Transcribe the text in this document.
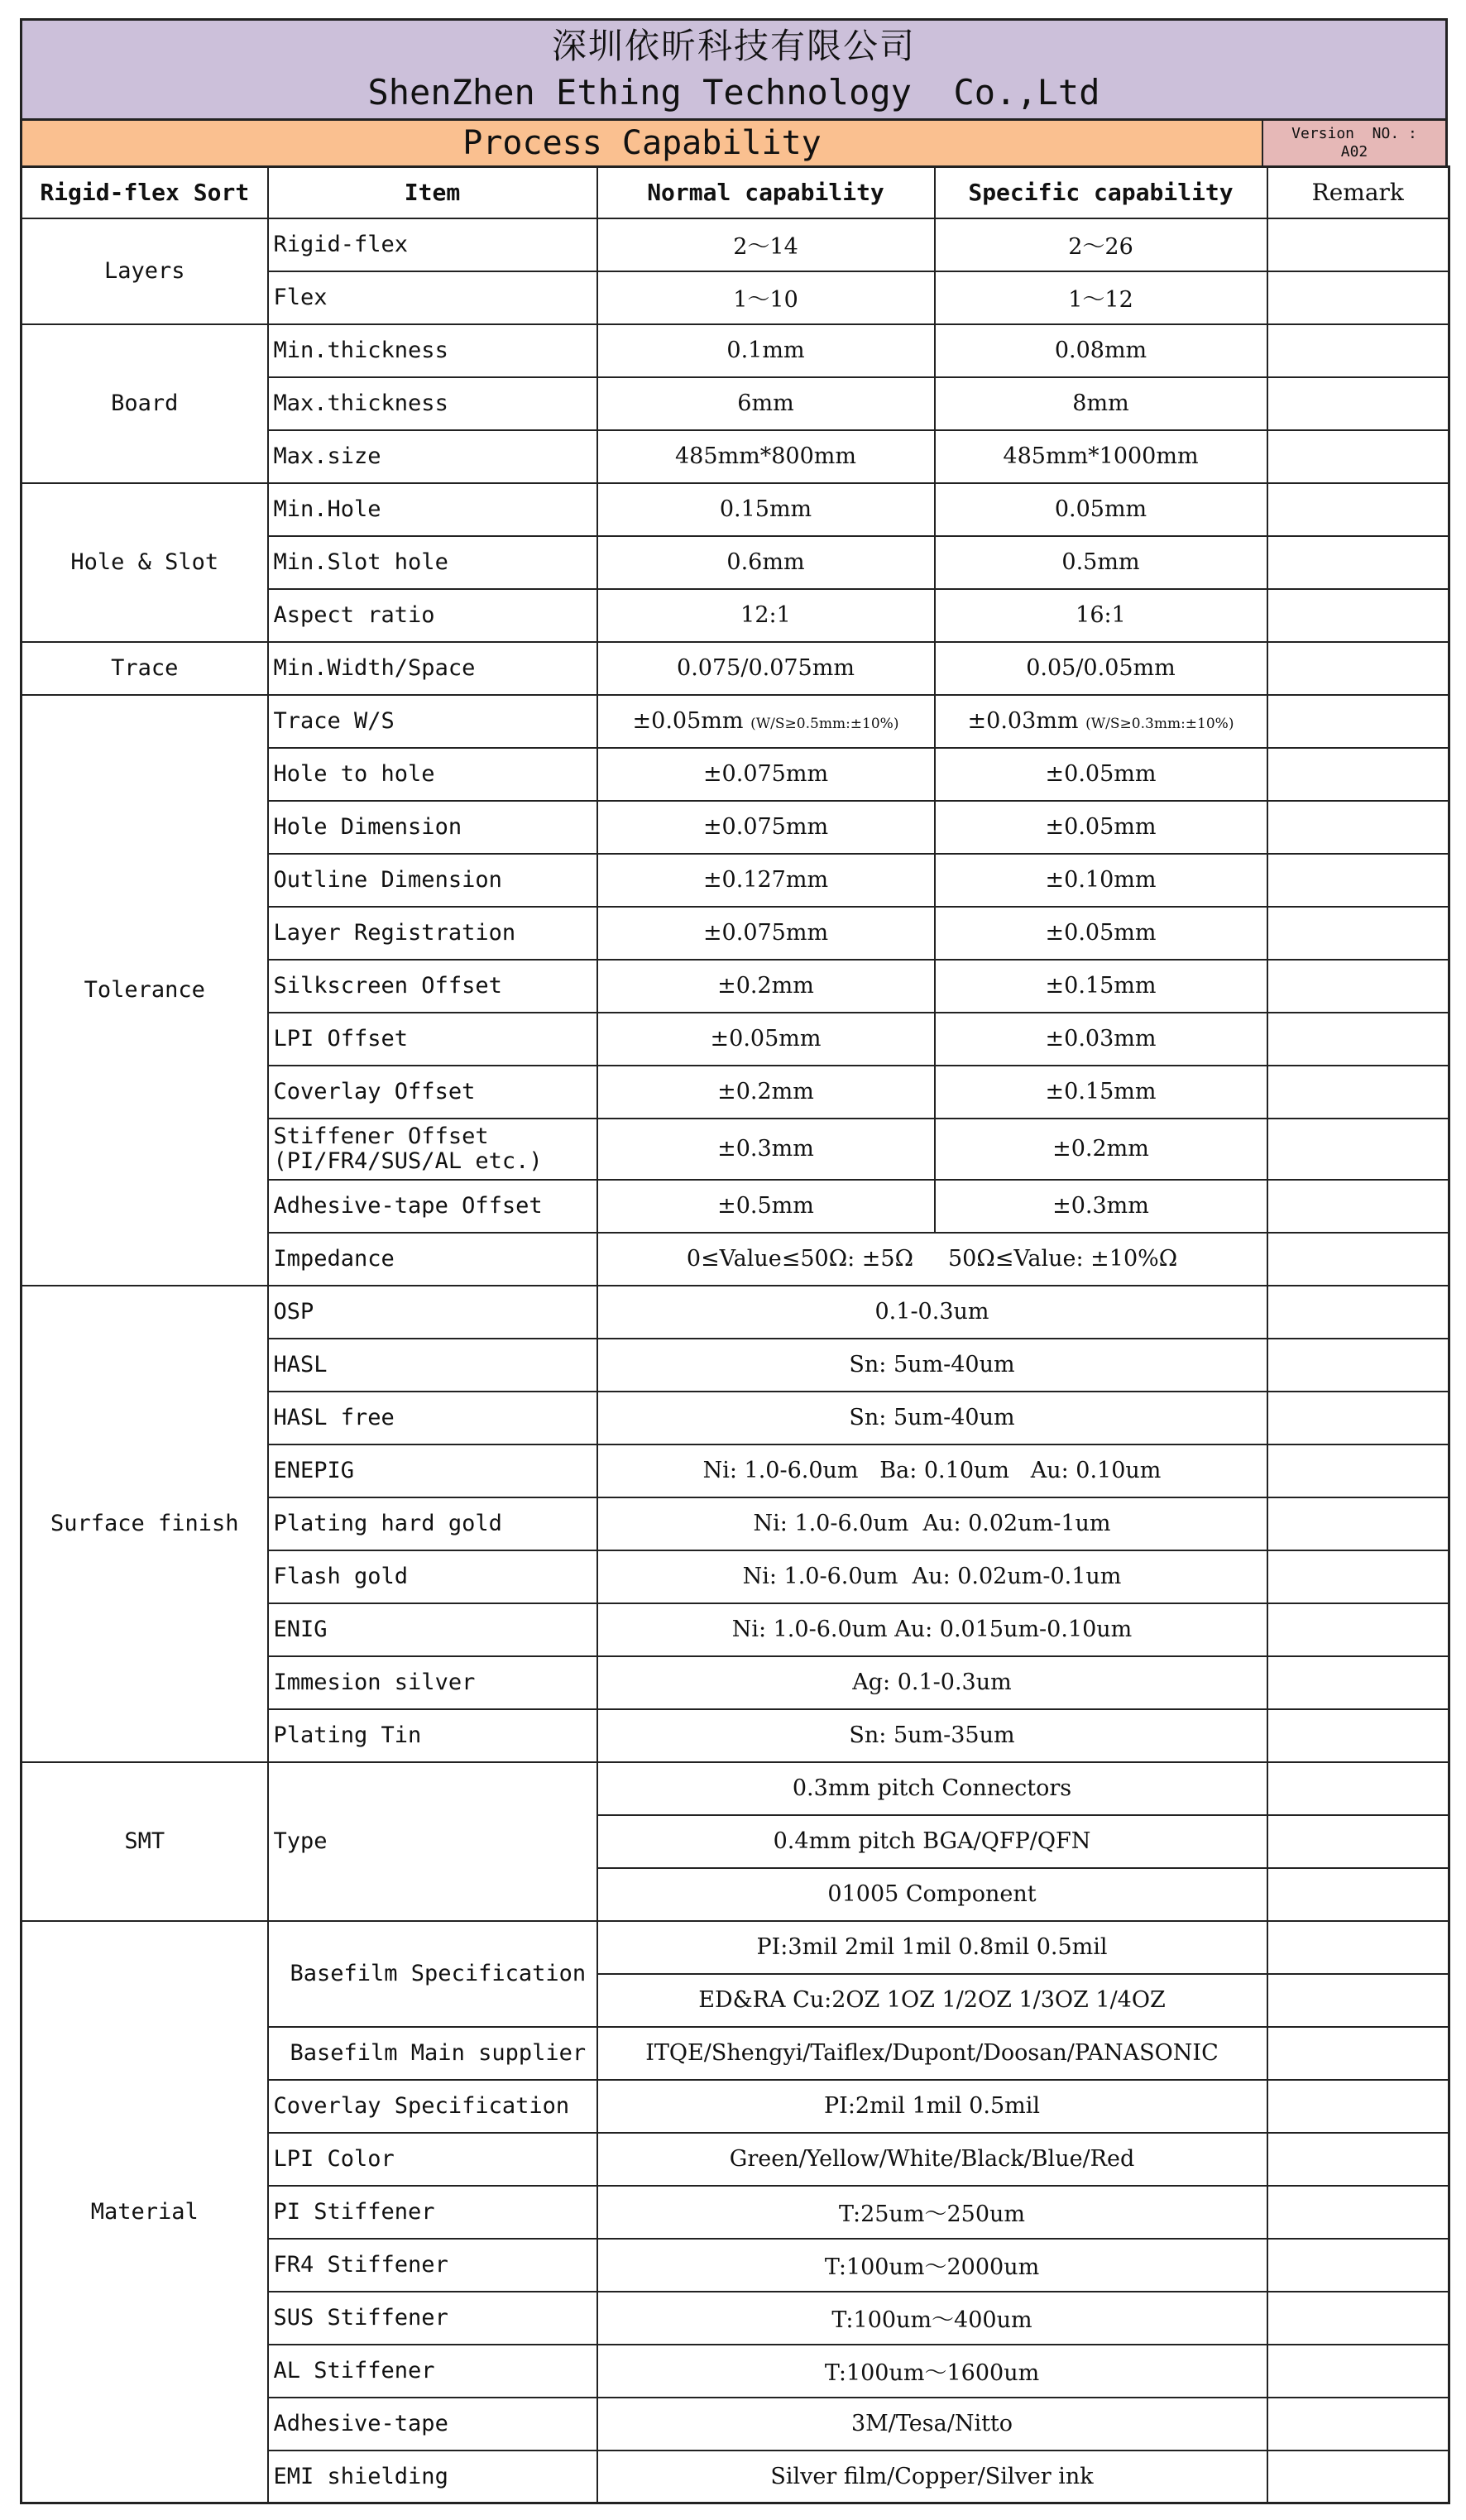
深圳依昕科技有限公司
ShenZhen Ething Technology  Co.,Ltd
Process Capability	Version  NO. :
A02
Rigid-flex Sort	Item	Normal capability	Specific capability	Remark
Layers	Rigid-flex	2～14	2～26	
	Flex	1～10	1～12	
Board	Min.thickness	0.1mm	0.08mm	
	Max.thickness	6mm	8mm	
	Max.size	485mm*800mm	485mm*1000mm	
Hole & Slot	Min.Hole	0.15mm	0.05mm	
	Min.Slot hole	0.6mm	0.5mm	
	Aspect ratio	12:1	16:1	
Trace	Min.Width/Space	0.075/0.075mm	0.05/0.05mm	
Tolerance	Trace W/S	±0.05mm (W/S≥0.5mm:±10%)	±0.03mm (W/S≥0.3mm:±10%)	
	Hole to hole	±0.075mm	±0.05mm	
	Hole Dimension	±0.075mm	±0.05mm	
	Outline Dimension	±0.127mm	±0.10mm	
	Layer Registration	±0.075mm	±0.05mm	
	Silkscreen Offset	±0.2mm	±0.15mm	
	LPI Offset	±0.05mm	±0.03mm	
	Coverlay Offset	±0.2mm	±0.15mm	
	Stiffener Offset
(PI/FR4/SUS/AL etc.)	±0.3mm	±0.2mm	
	Adhesive-tape Offset	±0.5mm	±0.3mm	
	Impedance	0≤Value≤50Ω: ±5Ω 50Ω≤Value: ±10%Ω		
Surface finish	OSP	0.1-0.3um		
	HASL	Sn: 5um-40um		
	HASL free	Sn: 5um-40um		
	ENEPIG	Ni: 1.0-6.0um   Ba: 0.10um   Au: 0.10um		
	Plating hard gold	Ni: 1.0-6.0um  Au: 0.02um-1um		
	Flash gold	Ni: 1.0-6.0um  Au: 0.02um-0.1um		
	ENIG	Ni: 1.0-6.0um Au: 0.015um-0.10um		
	Immesion silver	Ag: 0.1-0.3um		
	Plating Tin	Sn: 5um-35um		
SMT	Type	0.3mm pitch Connectors		
		0.4mm pitch BGA/QFP/QFN		
		01005 Component		
Material	Basefilm Specification	PI:3mil 2mil 1mil 0.8mil 0.5mil		
		ED&RA Cu:2OZ 1OZ 1/2OZ 1/3OZ 1/4OZ		
	Basefilm Main supplier	ITQE/Shengyi/Taiflex/Dupont/Doosan/PANASONIC		
	Coverlay Specification	PI:2mil 1mil 0.5mil		
	LPI Color	Green/Yellow/White/Black/Blue/Red		
	PI Stiffener	T:25um～250um		
	FR4 Stiffener	T:100um～2000um		
	SUS Stiffener	T:100um～400um		
	AL Stiffener	T:100um～1600um		
	Adhesive-tape	3M/Tesa/Nitto		
	EMI shielding	Silver film/Copper/Silver ink		
